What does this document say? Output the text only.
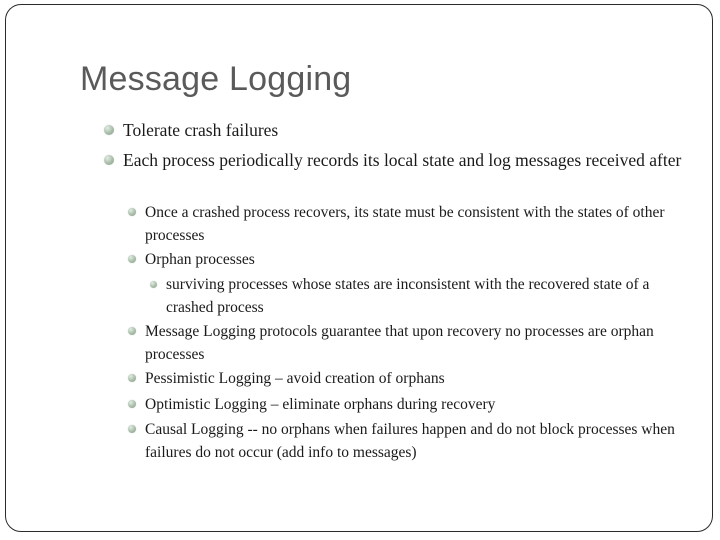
Message Logging
Tolerate crash failures
Each process periodically records its local state and log messages received after
Once a crashed process recovers, its state must be consistent with the states of other processes
Orphan processes
surviving processes whose states are inconsistent with the recovered state of a crashed process
Message Logging protocols guarantee that upon recovery no processes are orphan processes
Pessimistic Logging – avoid creation of orphans
Optimistic Logging – eliminate orphans during recovery
Causal Logging -- no orphans when failures happen and do not block processes when failures do not occur (add info to messages)
